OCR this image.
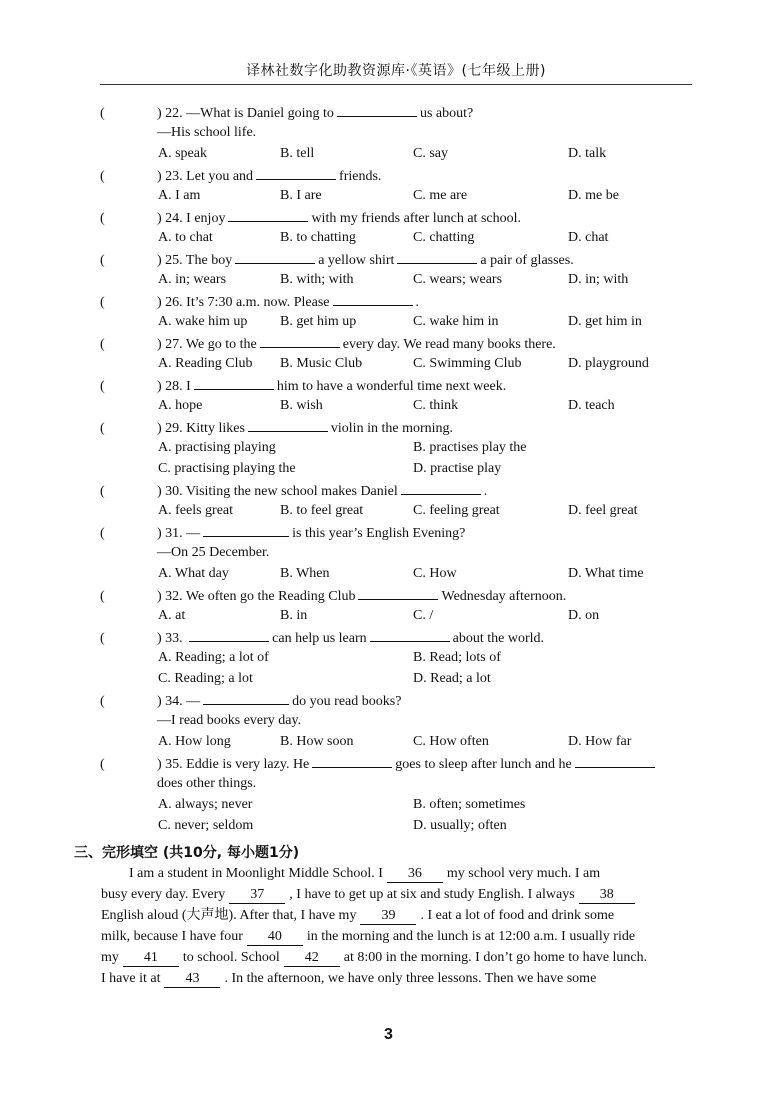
译林社数字化助教资源库·《英语》(七年级上册)
(	) 22. —What is Daniel going to	us about?
—His school life.
A. speak	B. tell	C. say	D. talk
(	) 23. Let you and	friends.
A. I am	B. I are	C. me are	D. me be
(	) 24. I enjoy	with my friends after lunch at school.
A. to chat	B. to chatting	C. chatting	D. chat
(	) 25. The boy	a yellow shirt	a pair of glasses.
A. in; wears	B. with; with	C. wears; wears	D. in; with
(	) 26. It’s 7:30 a.m. now. Please	.
A. wake him up B. get him up	C. wake him in	D. get him in
(	) 27. We go to the	every day. We read many books there.
A. Reading Club B. Music Club	C. Swimming Club	D. playground
(	) 28. I	him to have a wonderful time next week.
A. hope	B. wish	C. think	D. teach
(	) 29. Kitty likes	violin in the morning.
A. practising playing	B. practises play the
C. practising playing the	D. practise play
(	) 30. Visiting the new school makes Daniel	.
A. feels great	B. to feel great	C. feeling great	D. feel great
(	) 31. —	is this year’s English Evening?
—On 25 December.
A. What day	B. When	C. How	D. What time
(	) 32. We often go the Reading Club	Wednesday afternoon.
A. at	B. in	C. /	D. on
(	) 33.	can help us learn	about the world.
A. Reading; a lot of	B. Read; lots of
C. Reading; a lot	D. Read; a lot
(	) 34. —	do you read books?
—I read books every day.
A. How long	B. How soon	C. How often	D. How far
(	) 35. Eddie is very lazy. He	goes to sleep after lunch and he
does other things.
A. always; never	B. often; sometimes
C. never; seldom	D. usually; often
三、完形填空 (共10分, 每小题1分)
I am a student in Moonlight Middle School. I 36 my school very much. I am
busy every day. Every 37 , I have to get up at six and study English. I always 38
English aloud (大声地). After that, I have my 39 . I eat a lot of food and drink some
milk, because I have four 40 in the morning and the lunch is at 12:00 a.m. I usually ride
my 41 to school. School 42 at 8:00 in the morning. I don’t go home to have lunch.
I have it at 43 . In the afternoon, we have only three lessons. Then we have some
3
